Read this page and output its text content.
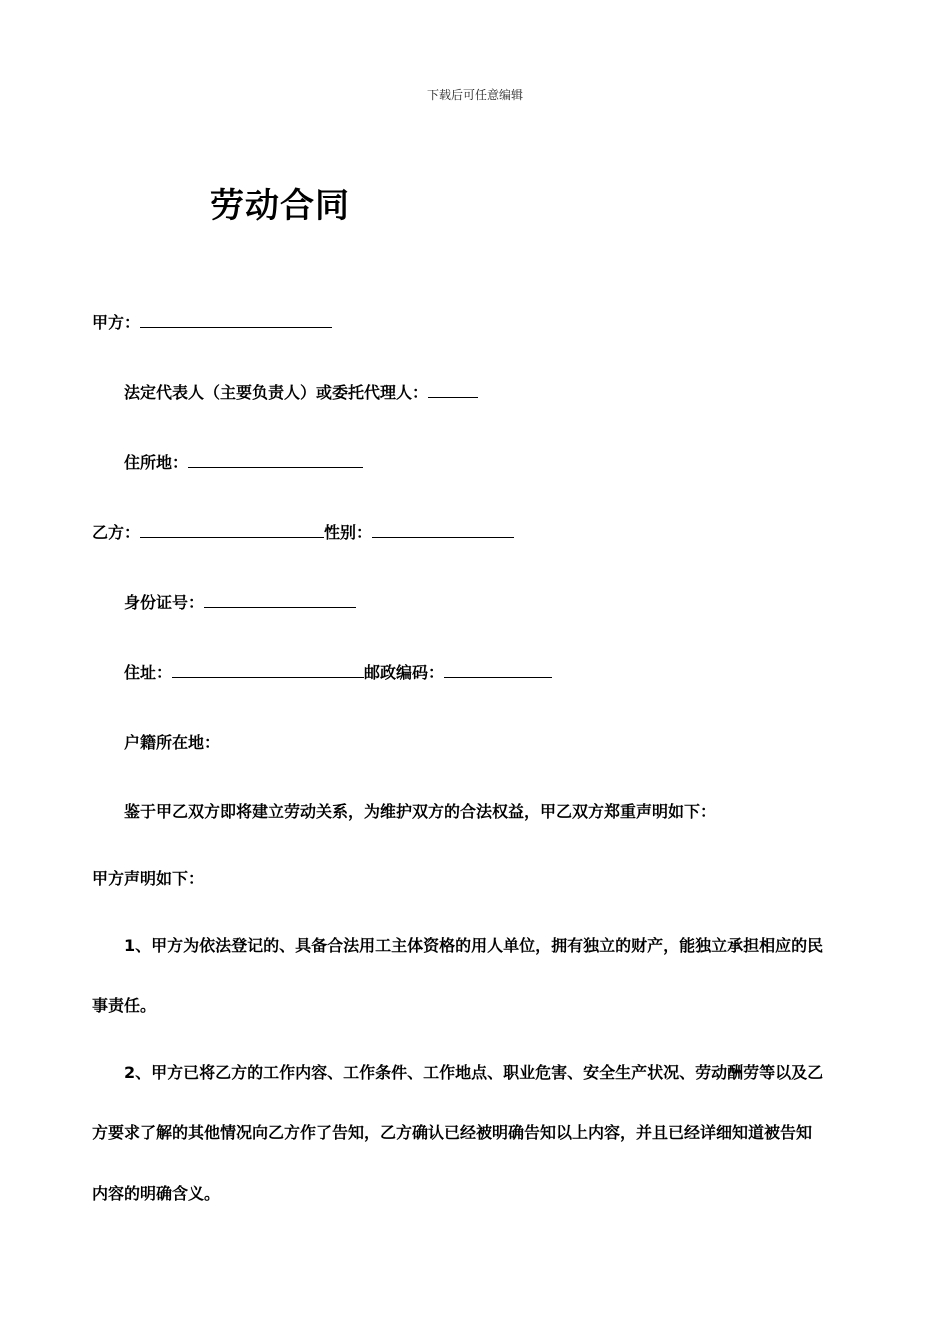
下载后可任意编辑
劳动合同
甲方：
法定代表人（主要负责人）或委托代理人：
住所地：
乙方：	性别：
身份证号：
住址：	邮政编码：
户籍所在地：
鉴于甲乙双方即将建立劳动关系，为维护双方的合法权益，甲乙双方郑重声明如下：
甲方声明如下：
1、甲方为依法登记的、具备合法用工主体资格的用人单位，拥有独立的财产，能独立承担相应的民
事责任。
2、甲方已将乙方的工作内容、工作条件、工作地点、职业危害、安全生产状况、劳动酬劳等以及乙
方要求了解的其他情况向乙方作了告知，乙方确认已经被明确告知以上内容，并且已经详细知道被告知
内容的明确含义。
